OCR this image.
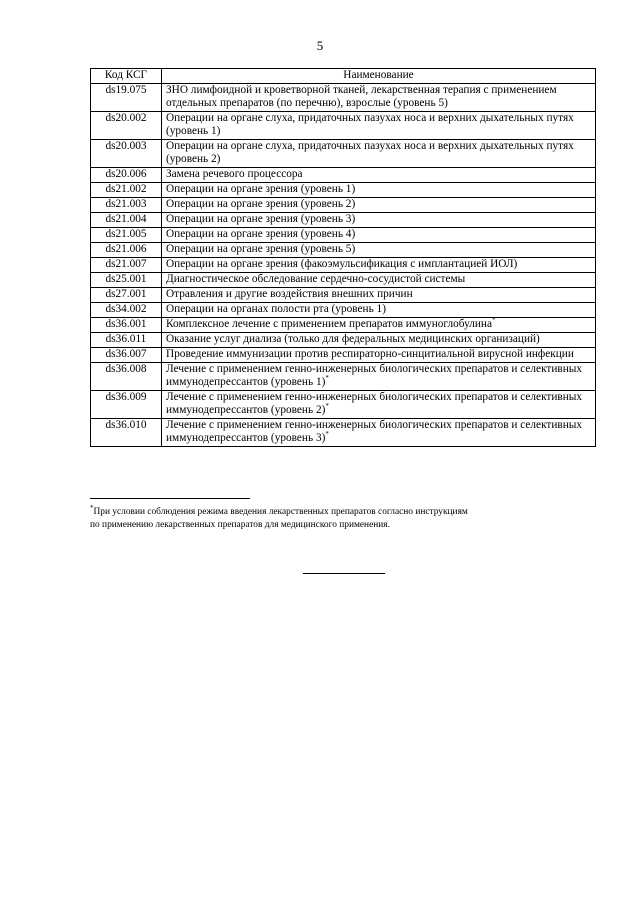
5
Код КСГ	Наименование
ds19.075	ЗНО лимфоидной и кроветворной тканей, лекарственная терапия с применением отдельных препаратов (по перечню), взрослые (уровень 5)
ds20.002	Операции на органе слуха, придаточных пазухах носа и верхних дыхательных путях (уровень 1)
ds20.003	Операции на органе слуха, придаточных пазухах носа и верхних дыхательных путях (уровень 2)
ds20.006	Замена речевого процессора
ds21.002	Операции на органе зрения (уровень 1)
ds21.003	Операции на органе зрения (уровень 2)
ds21.004	Операции на органе зрения (уровень 3)
ds21.005	Операции на органе зрения (уровень 4)
ds21.006	Операции на органе зрения (уровень 5)
ds21.007	Операции на органе зрения (факоэмульсификация с имплантацией ИОЛ)
ds25.001	Диагностическое обследование сердечно-сосудистой системы
ds27.001	Отравления и другие воздействия внешних причин
ds34.002	Операции на органах полости рта (уровень 1)
ds36.001	Комплексное лечение с применением препаратов иммуноглобулина*
ds36.011	Оказание услуг диализа (только для федеральных медицинских организаций)
ds36.007	Проведение иммунизации против респираторно-синцитиальной вирусной инфекции
ds36.008	Лечение с применением генно-инженерных биологических препаратов и селективных иммунодепрессантов (уровень 1)*
ds36.009	Лечение с применением генно-инженерных биологических препаратов и селективных иммунодепрессантов (уровень 2)*
ds36.010	Лечение с применением генно-инженерных биологических препаратов и селективных иммунодепрессантов (уровень 3)*
*При условии соблюдения режима введения лекарственных препаратов согласно инструкциям
по применению лекарственных препаратов для медицинского применения.
